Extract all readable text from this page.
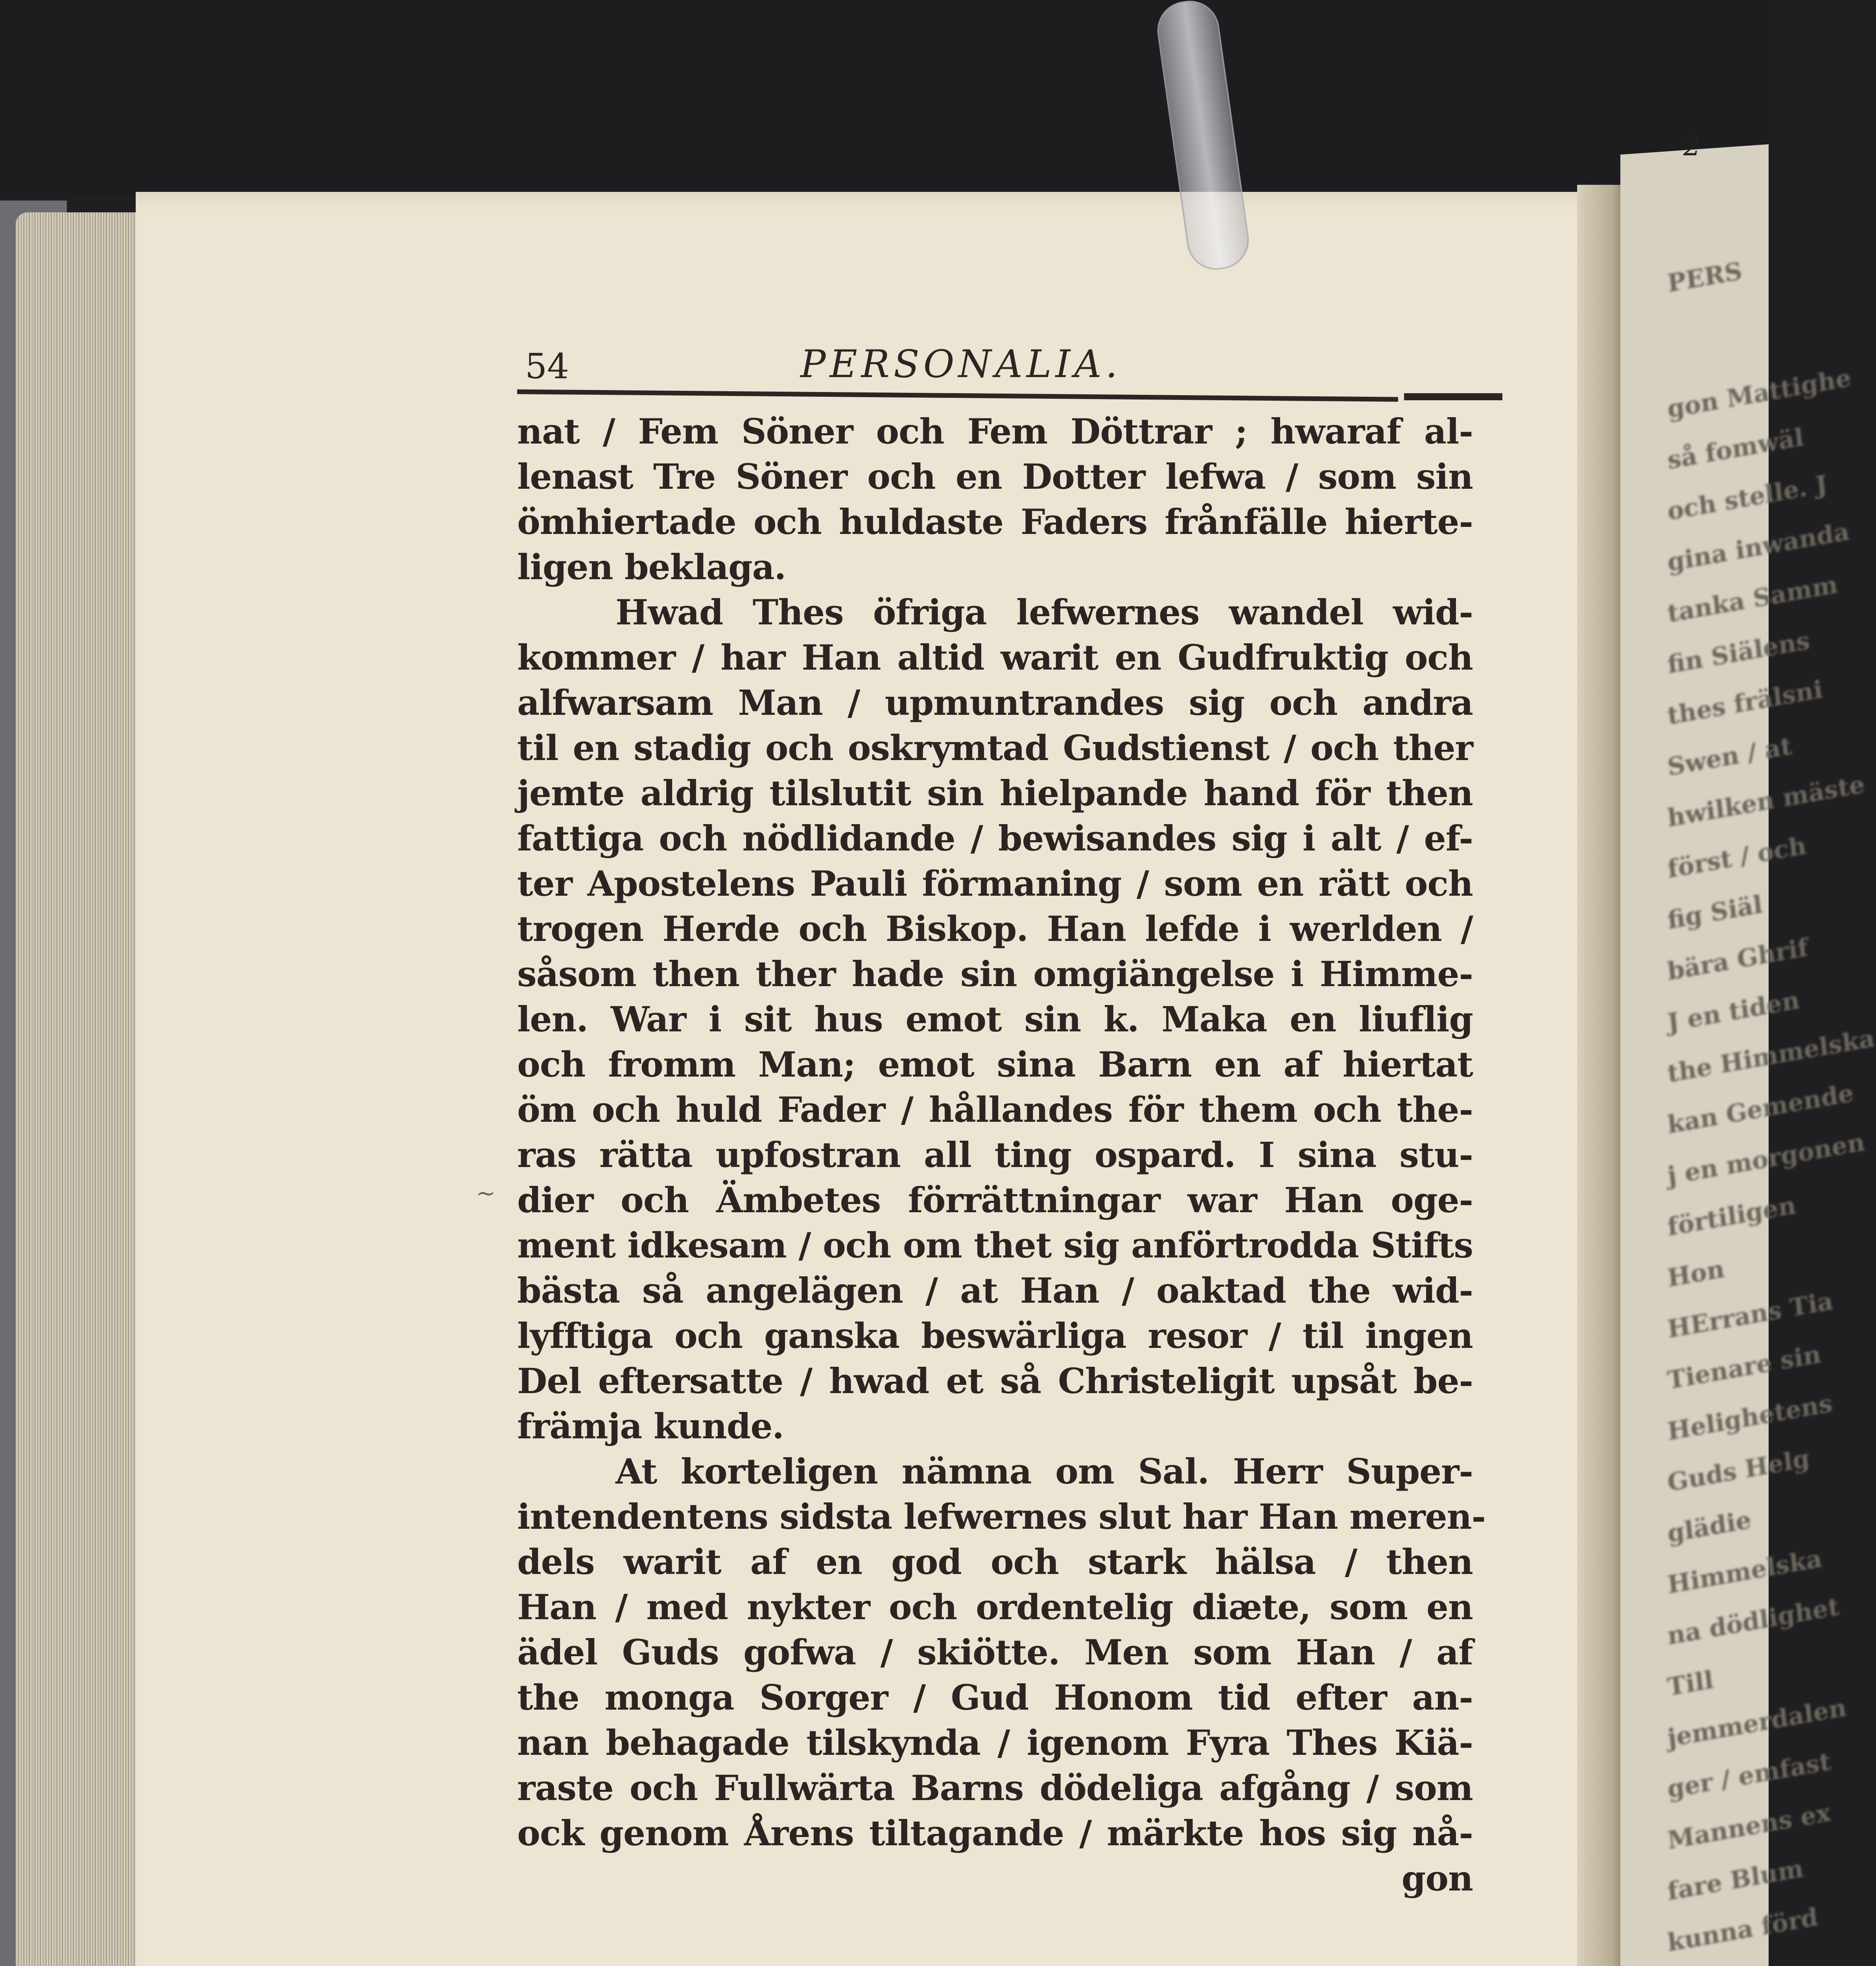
PERS
gon Mattighe
så fomwäl
och stelle. J
gina inwanda
tanka Samm
fin Siälens
thes frälsni
Swen / at
hwilken mäste
först / och
fig Siäl
bära Ghrif
J en tiden
the Himmelska
kan Gemende
j en morgonen
förtiligen
Hon
HErrans Tia
Tienare sin
Helighetens
Guds Helg
glädie
Himmelska
na dödlighet
Till
jemmerdalen
ger / emfast
Mannens ex
fare Blum
kunna förd
2
54	PERSONALIA.
nat / Fem Söner och Fem Döttrar ; hwaraf al-
lenast Tre Söner och en Dotter lefwa / som sin
ömhiertade och huldaste Faders frånfälle hierte-
ligen beklaga.
Hwad Thes öfriga lefwernes wandel wid-
kommer / har Han altid warit en Gudfruktig och
alfwarsam Man / upmuntrandes sig och andra
til en stadig och oskrymtad Gudstienst / och ther
jemte aldrig tilslutit sin hielpande hand för then
fattiga och nödlidande / bewisandes sig i alt / ef-
ter Apostelens Pauli förmaning / som en rätt och
trogen Herde och Biskop. Han lefde i werlden /
såsom then ther hade sin omgiängelse i Himme-
len. War i sit hus emot sin k. Maka en liuflig
och fromm Man; emot sina Barn en af hiertat
öm och huld Fader / hållandes för them och the-
ras rätta upfostran all ting ospard. I sina stu-
dier och Ämbetes förrättningar war Han oge-
ment idkesam / och om thet sig anförtrodda Stifts
bästa så angelägen / at Han / oaktad the wid-
lyfftiga och ganska beswärliga resor / til ingen
Del eftersatte / hwad et så Christeligit upsåt be-
främja kunde.
At korteligen nämna om Sal. Herr Super-
intendentens sidsta lefwernes slut har Han meren-
dels warit af en god och stark hälsa / then
Han / med nykter och ordentelig diæte, som en
ädel Guds gofwa / skiötte. Men som Han / af
the monga Sorger / Gud Honom tid efter an-
nan behagade tilskynda / igenom Fyra Thes Kiä-
raste och Fullwärta Barns dödeliga afgång / som
ock genom Årens tiltagande / märkte hos sig nå-
gon
~
